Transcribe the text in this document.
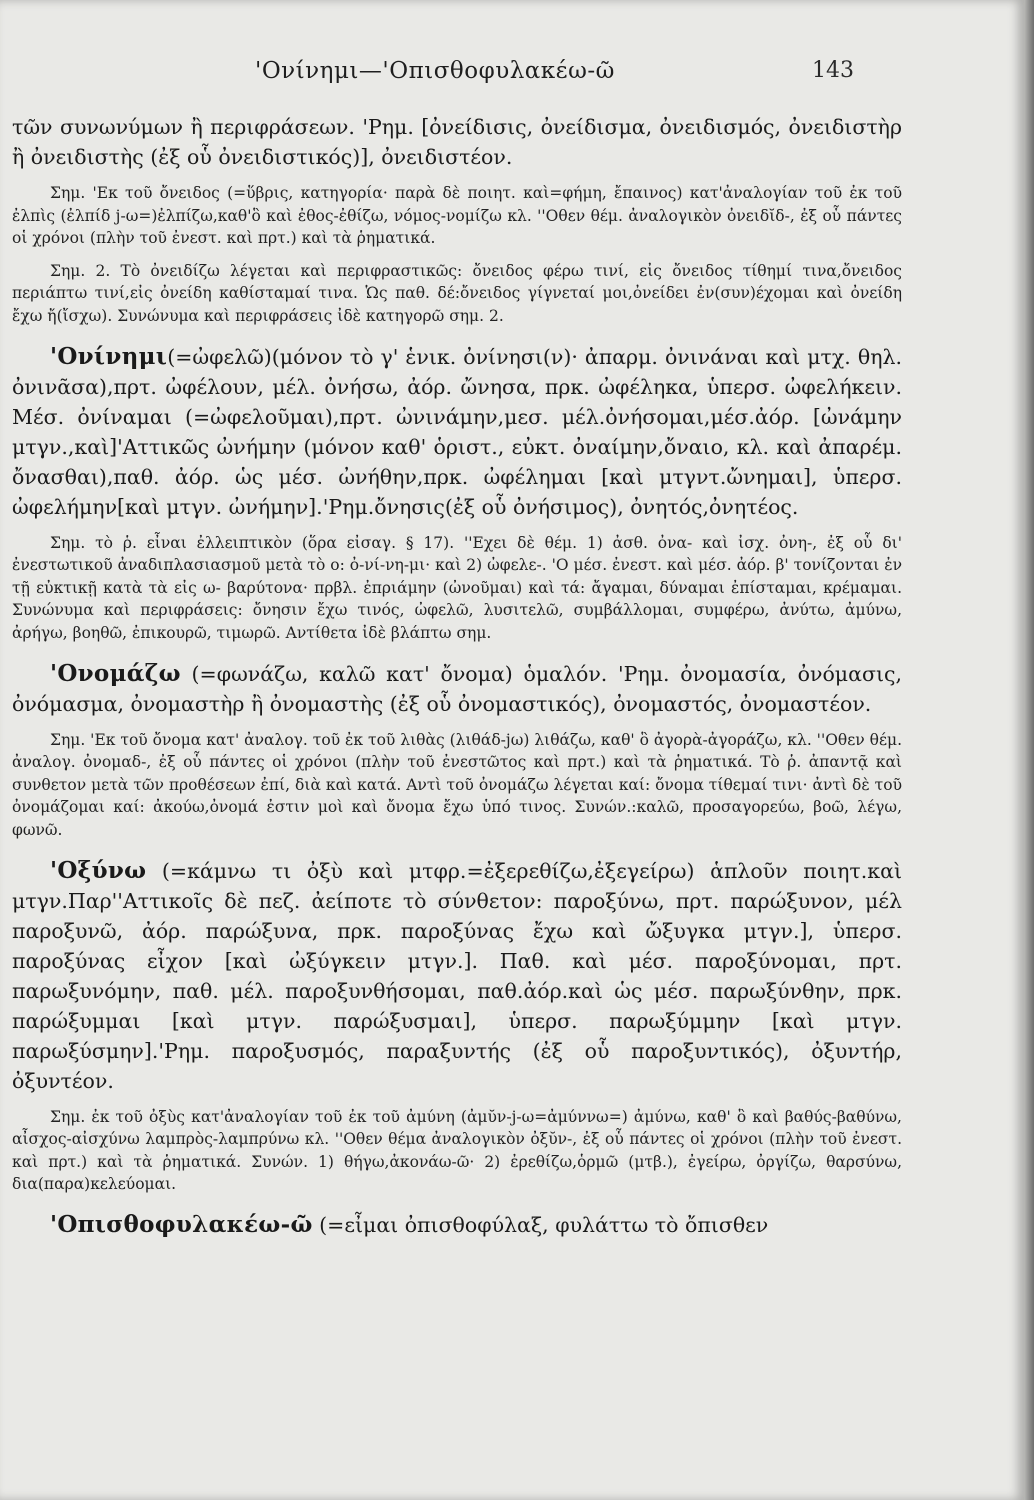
'Ονίνημι—'Οπισθοφυλακέω-ῶ	143

τῶν συνωνύμων ἢ περιφράσεων. 'Ρημ. [ὀνείδισις, ὀνείδισμα, ὀνειδισμός, ὀνειδιστὴρ ἢ ὀνειδιστὴς (ἐξ οὗ ὀνειδιστικός)], ὀνειδιστέον.

Σημ. 'Εκ τοῦ ὄνειδος (=ὕβρις, κατηγορία· παρὰ δὲ ποιητ. καὶ=φήμη, ἔπαινος) κατ'ἀναλογίαν τοῦ ἐκ τοῦ ἐλπὶς (ἐλπίδ j-ω=)ἐλπίζω,καθ'ὃ καὶ ἐθος-ἐθίζω, νόμος-νομίζω κλ. ''Οθεν θέμ. ἀναλογικὸν ὀνειδῐδ-, ἐξ οὗ πάντες οἱ χρόνοι (πλὴν τοῦ ἐνεστ. καὶ πρτ.) καὶ τὰ ῥηματικά.

Σημ. 2. Τὸ ὀνειδίζω λέγεται καὶ περιφραστικῶς: ὄνειδος φέρω τινί, εἰς ὄνειδος τίθημί τινα,ὄνειδος περιάπτω τινί,εἰς ὀνείδη καθίσταμαί τινα. Ὡς παθ. δέ:ὄνειδος γίγνεταί μοι,ὀνείδει ἐν(συν)έχομαι καὶ ὀνείδη ἔχω ἤ(ἴσχω). Συνώνυμα καὶ περιφράσεις ἰδὲ κατηγορῶ σημ. 2.

'Ονίνημι(=ὠφελῶ)(μόνον τὸ γ' ἑνικ. ὀνίνησι(ν)· ἀπαρμ. ὀνινάναι καὶ μτχ. θηλ. ὀνινᾶσα),πρτ. ὠφέλουν, μέλ. ὀνήσω, ἀόρ. ὤνησα, πρκ. ὠφέληκα, ὑπερσ. ὠφελήκειν. Μέσ. ὀνίναμαι (=ὠφελοῦμαι),πρτ. ὠνινάμην,μεσ. μέλ.ὀνήσομαι,μέσ.ἀόρ. [ὠνάμην μτγν.,καὶ]'Αττικῶς ὠνήμην (μόνον καθ' ὁριστ., εὐκτ. ὀναίμην,ὄναιο, κλ. καὶ ἀπαρέμ. ὄνασθαι),παθ. ἀόρ. ὡς μέσ. ὠνήθην,πρκ. ὠφέλημαι [καὶ μτγντ.ὤνημαι], ὑπερσ. ὠφελήμην[καὶ μτγν. ὠνήμην].'Ρημ.ὄνησις(ἐξ οὗ ὀνήσιμος), ὀνητός,ὀνητέος.

Σημ. τὸ ῥ. εἶναι ἐλλειπτικὸν (ὅρα εἰσαγ. § 17). ''Εχει δὲ θέμ. 1) ἀσθ. ὀνα- καὶ ἰσχ. ὀνη-, ἐξ οὗ δι' ἐνεστωτικοῦ ἀναδιπλασιασμοῦ μετὰ τὸ ο: ὀ-νί-νη-μι· καὶ 2) ὠφελε-. 'Ο μέσ. ἐνεστ. καὶ μέσ. ἀόρ. β' τονίζονται ἐν τῇ εὐκτικῇ κατὰ τὰ εἰς ω- βαρύτονα· πρβλ. ἐπριάμην (ὠνοῦμαι) καὶ τά: ἄγαμαι, δύναμαι ἐπίσταμαι, κρέμαμαι. Συνώνυμα καὶ περιφράσεις: ὄνησιν ἔχω τινός, ὠφελῶ, λυσιτελῶ, συμβάλλομαι, συμφέρω, ἀνύτω, ἀμύνω, ἀρήγω, βοηθῶ, ἐπικουρῶ, τιμωρῶ. Αντίθετα ἰδὲ βλάπτω σημ.

'Ονομάζω (=φωνάζω, καλῶ κατ' ὄνομα) ὁμαλόν. 'Ρημ. ὀνομασία, ὀνόμασις, ὀνόμασμα, ὀνομαστὴρ ἢ ὀνομαστὴς (ἐξ οὗ ὀνομαστικός), ὀνομαστός, ὀνομαστέον.

Σημ. 'Εκ τοῦ ὄνομα κατ' ἀναλογ. τοῦ ἐκ τοῦ λιθὰς (λιθάδ-jω) λιθάζω, καθ' ὃ ἀγορὰ-ἀγοράζω, κλ. ''Οθεν θέμ. ἀναλογ. ὀνομαδ-, ἐξ οὗ πάντες οἱ χρόνοι (πλὴν τοῦ ἐνεστῶτος καὶ πρτ.) καὶ τὰ ῥηματικά. Τὸ ῥ. ἀπαντᾷ καὶ συνθετον μετὰ τῶν προθέσεων ἐπί, διὰ καὶ κατά. Αντὶ τοῦ ὀνομάζω λέγεται καί: ὄνομα τίθεμαί τινι· ἀντὶ δὲ τοῦ ὀνομάζομαι καί: ἀκούω,ὀνομά ἐστιν μοὶ καὶ ὄνομα ἔχω ὑπό τινος. Συνών.:καλῶ, προσαγορεύω, βοῶ, λέγω, φωνῶ.

'Οξύνω (=κάμνω τι ὀξὺ καὶ μτφρ.=ἐξερεθίζω,ἐξεγείρω) ἁπλοῦν ποιητ.καὶ μτγν.Παρ''Αττικοῖς δὲ πεζ. ἀείποτε τὸ σύνθετον: παροξύνω, πρτ. παρώξυνον, μέλ παροξυνῶ, ἀόρ. παρώξυνα, πρκ. παροξύνας ἔχω καὶ ὤξυγκα μτγν.], ὑπερσ. παροξύνας εἶχον [καὶ ὠξύγκειν μτγν.]. Παθ. καὶ μέσ. παροξύνομαι, πρτ. παρωξυνόμην, παθ. μέλ. παροξυνθήσομαι, παθ.ἀόρ.καὶ ὡς μέσ. παρωξύνθην, πρκ. παρώξυμμαι [καὶ μτγν. παρώξυσμαι], ὑπερσ. παρωξύμμην [καὶ μτγν. παρωξύσμην].'Ρημ. παροξυσμός, παραξυντής (ἐξ οὗ παροξυντικός), ὀξυντήρ, ὀξυντέον.

Σημ. ἐκ τοῦ ὀξὺς κατ'ἀναλογίαν τοῦ ἐκ τοῦ ἀμύνη (ἀμῠν-j-ω=ἀμύννω=) ἀμύνω, καθ' ὃ καὶ βαθύς-βαθύνω, αἶσχος-αἰσχύνω λαμπρὸς-λαμπρύνω κλ. ''Οθεν θέμα ἀναλογικὸν ὀξῠν-, ἐξ οὗ πάντες οἱ χρόνοι (πλὴν τοῦ ἐνεστ. καὶ πρτ.) καὶ τὰ ῥηματικά. Συνών. 1) θήγω,ἀκονάω-ῶ· 2) ἐρεθίζω,ὁρμῶ (μτβ.), ἐγείρω, ὀργίζω, θαρσύνω, δια(παρα)κελεύομαι.

'Οπισθοφυλακέω-ῶ (=εἶμαι ὀπισθοφύλαξ, φυλάττω τὸ ὄπισθεν
